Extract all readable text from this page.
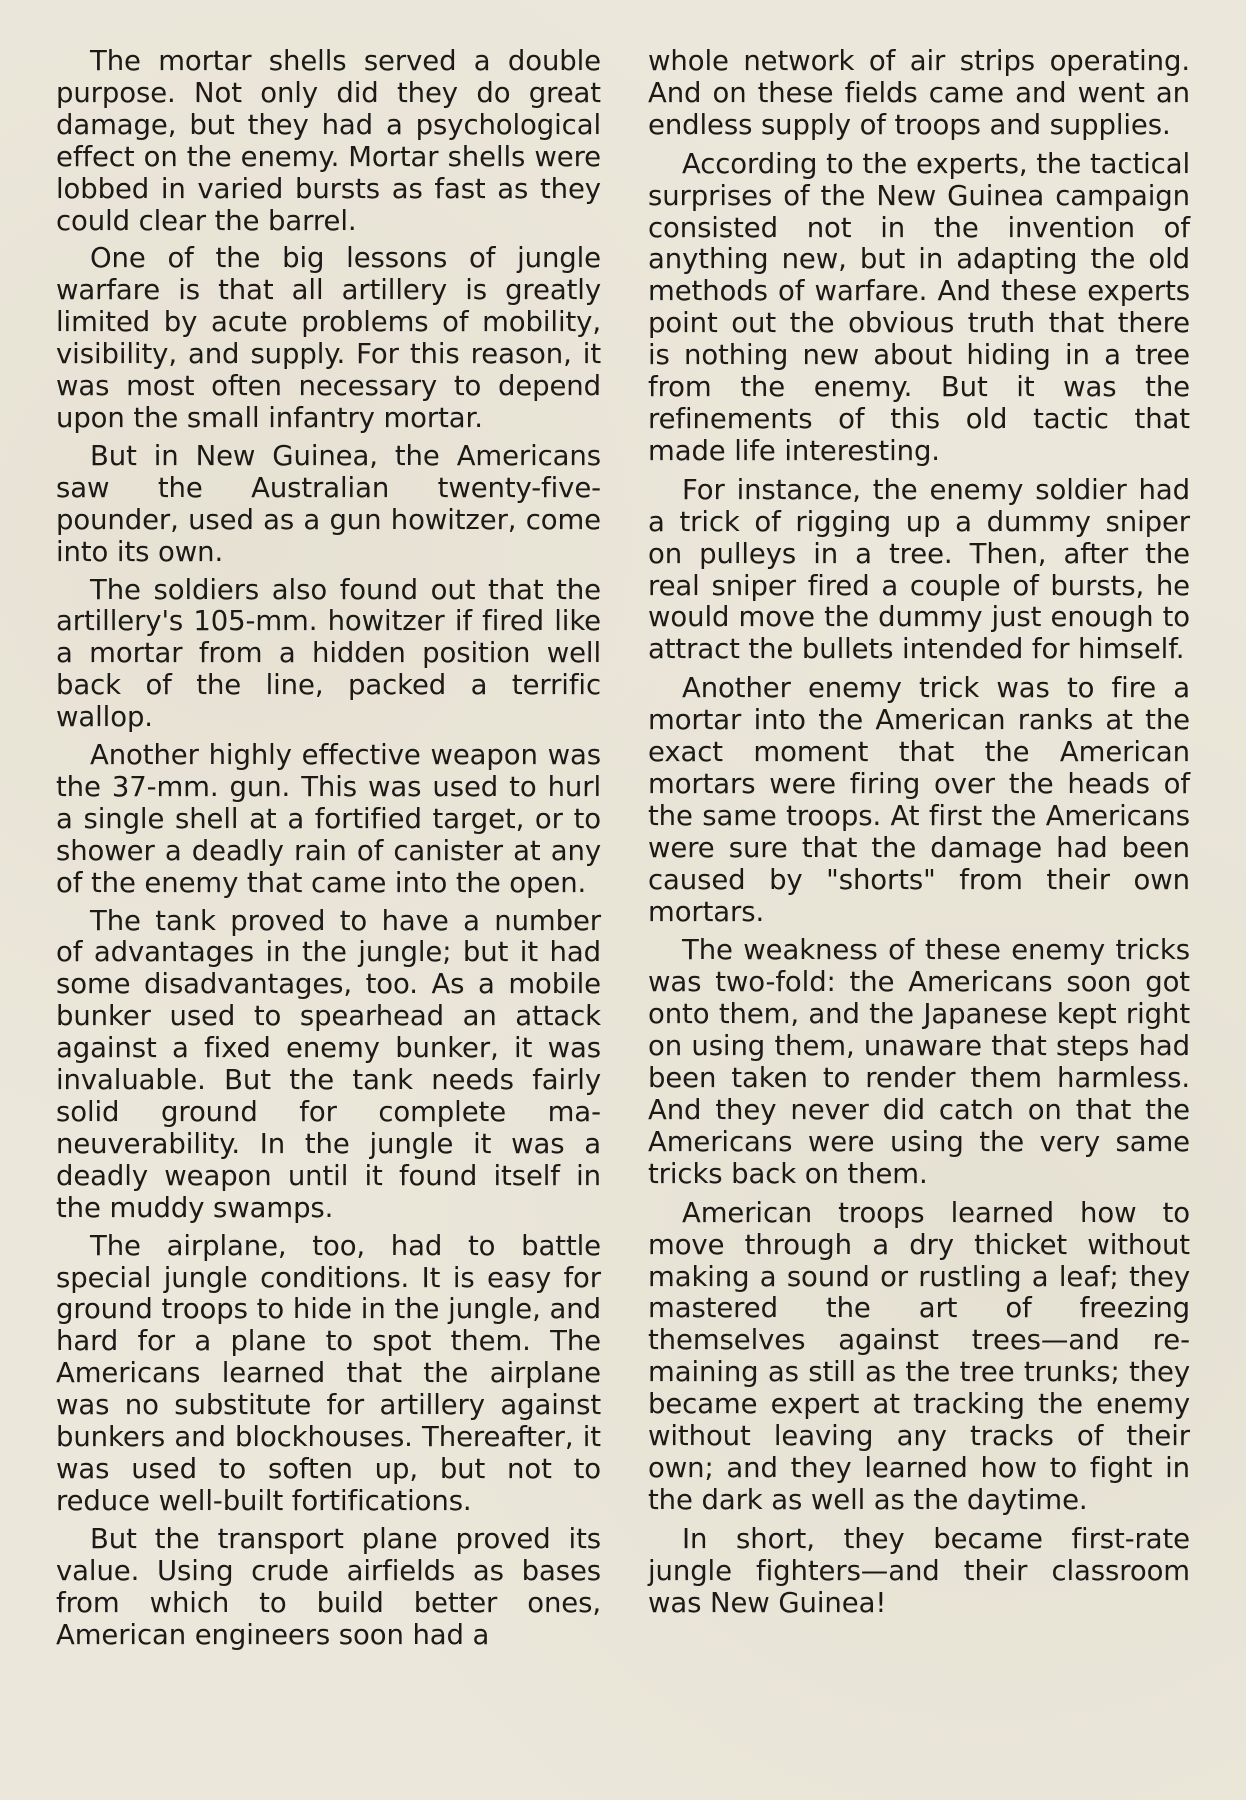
The mortar shells served a double purpose. Not only did they do great damage, but they had a psychological effect on the enemy. Mortar shells were lobbed in varied bursts as fast as they could clear the barrel.

One of the big lessons of jungle warfare is that all artillery is greatly limited by acute problems of mobility, visibility, and supply. For this reason, it was most often necessary to depend upon the small infantry mortar.

But in New Guinea, the Americans saw the Australian twenty-five-pounder, used as a gun howitzer, come into its own.

The soldiers also found out that the artillery's 105-mm. howitzer if fired like a mortar from a hidden position well back of the line, packed a terrific wallop.

Another highly effective weapon was the 37-mm. gun. This was used to hurl a single shell at a fortified target, or to shower a deadly rain of canister at any of the enemy that came into the open.

The tank proved to have a number of advantages in the jungle; but it had some disadvantages, too. As a mobile bunker used to spearhead an attack against a fixed enemy bunker, it was invaluable. But the tank needs fairly solid ground for complete maneuverability. In the jungle it was a deadly weapon until it found itself in the muddy swamps.

The airplane, too, had to battle special jungle conditions. It is easy for ground troops to hide in the jungle, and hard for a plane to spot them. The Americans learned that the airplane was no substitute for artillery against bunkers and blockhouses. Thereafter, it was used to soften up, but not to reduce well-built fortifications.

But the transport plane proved its value. Using crude airfields as bases from which to build better ones, American engineers soon had a

whole network of air strips operating. And on these fields came and went an endless supply of troops and supplies.

According to the experts, the tactical surprises of the New Guinea campaign consisted not in the invention of anything new, but in adapting the old methods of warfare. And these experts point out the obvious truth that there is nothing new about hiding in a tree from the enemy. But it was the refinements of this old tactic that made life interesting.

For instance, the enemy soldier had a trick of rigging up a dummy sniper on pulleys in a tree. Then, after the real sniper fired a couple of bursts, he would move the dummy just enough to attract the bullets intended for himself.

Another enemy trick was to fire a mortar into the American ranks at the exact moment that the American mortars were firing over the heads of the same troops. At first the Americans were sure that the damage had been caused by "shorts" from their own mortars.

The weakness of these enemy tricks was two-fold: the Americans soon got onto them, and the Japanese kept right on using them, unaware that steps had been taken to render them harmless. And they never did catch on that the Americans were using the very same tricks back on them.

American troops learned how to move through a dry thicket without making a sound or rustling a leaf; they mastered the art of freezing themselves against trees—and remaining as still as the tree trunks; they became expert at tracking the enemy without leaving any tracks of their own; and they learned how to fight in the dark as well as the daytime.

In short, they became first-rate jungle fighters—and their classroom was New Guinea!
